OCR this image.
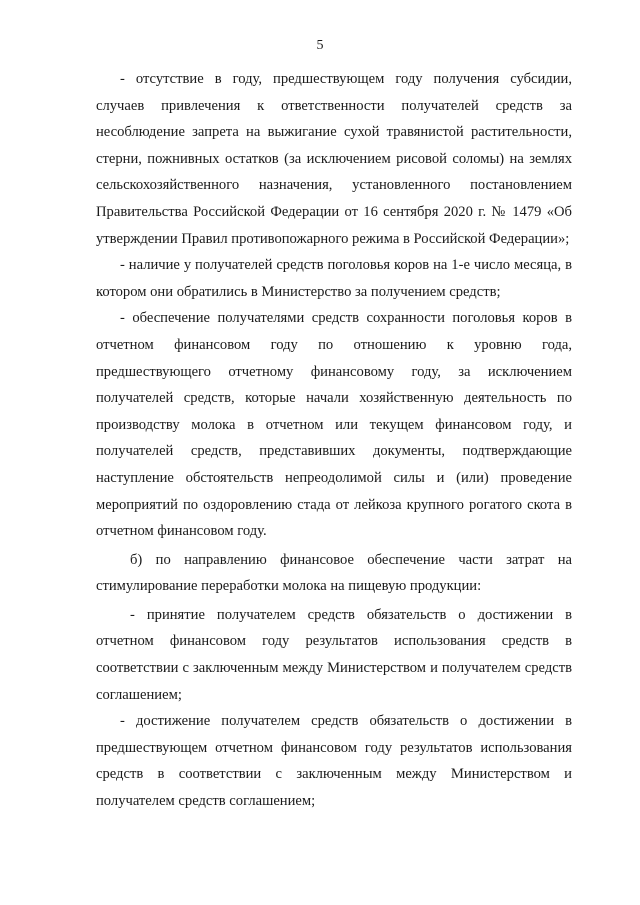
5

- отсутствие в году, предшествующем году получения субсидии, случаев привлечения к ответственности получателей средств за несоблюдение запрета на выжигание сухой травянистой растительности, стерни, пожнивных остатков (за исключением рисовой соломы) на землях сельскохозяйственного назначения, установленного постановлением Правительства Российской Федерации от 16 сентября 2020 г. № 1479 «Об утверждении Правил противопожарного режима в Российской Федерации»;

- наличие у получателей средств поголовья коров на 1-е число месяца, в котором они обратились в Министерство за получением средств;

- обеспечение получателями средств сохранности поголовья коров в отчетном финансовом году по отношению к уровню года, предшествующего отчетному финансовому году, за исключением получателей средств, которые начали хозяйственную деятельность по производству молока в отчетном или текущем финансовом году, и получателей средств, представивших документы, подтверждающие наступление обстоятельств непреодолимой силы и (или) проведение мероприятий по оздоровлению стада от лейкоза крупного рогатого скота в отчетном финансовом году.

б) по направлению финансовое обеспечение части затрат на стимулирование переработки молока на пищевую продукции:

- принятие получателем средств обязательств о достижении в отчетном финансовом году результатов использования средств в соответствии с заключенным между Министерством и получателем средств соглашением;

- достижение получателем средств обязательств о достижении в предшествующем отчетном финансовом году результатов использования средств в соответствии с заключенным между Министерством и получателем средств соглашением;
